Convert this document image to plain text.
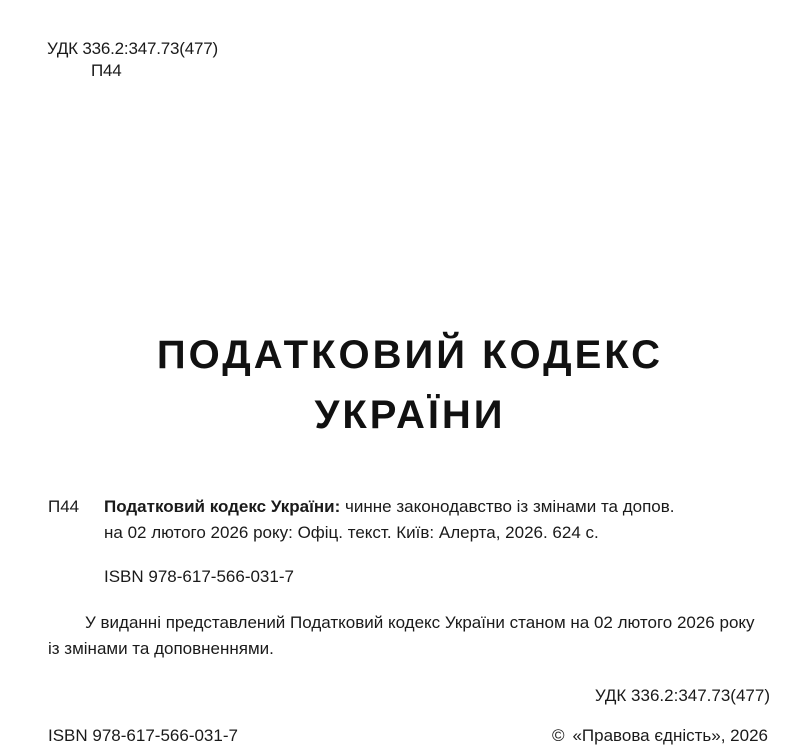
УДК 336.2:347.73(477)
П44
ПОДАТКОВИЙ КОДЕКС
УКРАЇНИ
П44 Податковий кодекс України: чинне законодавство із змінами та допов.
на 02 лютого 2026 року: Офіц. текст. Київ: Алерта, 2026. 624 с.
ISBN 978-617-566-031-7
У виданні представлений Податковий кодекс України станом на 02 лютого 2026 року із змінами та доповненнями.
УДК 336.2:347.73(477)
ISBN 978-617-566-031-7	© «Правова єдність», 2026
